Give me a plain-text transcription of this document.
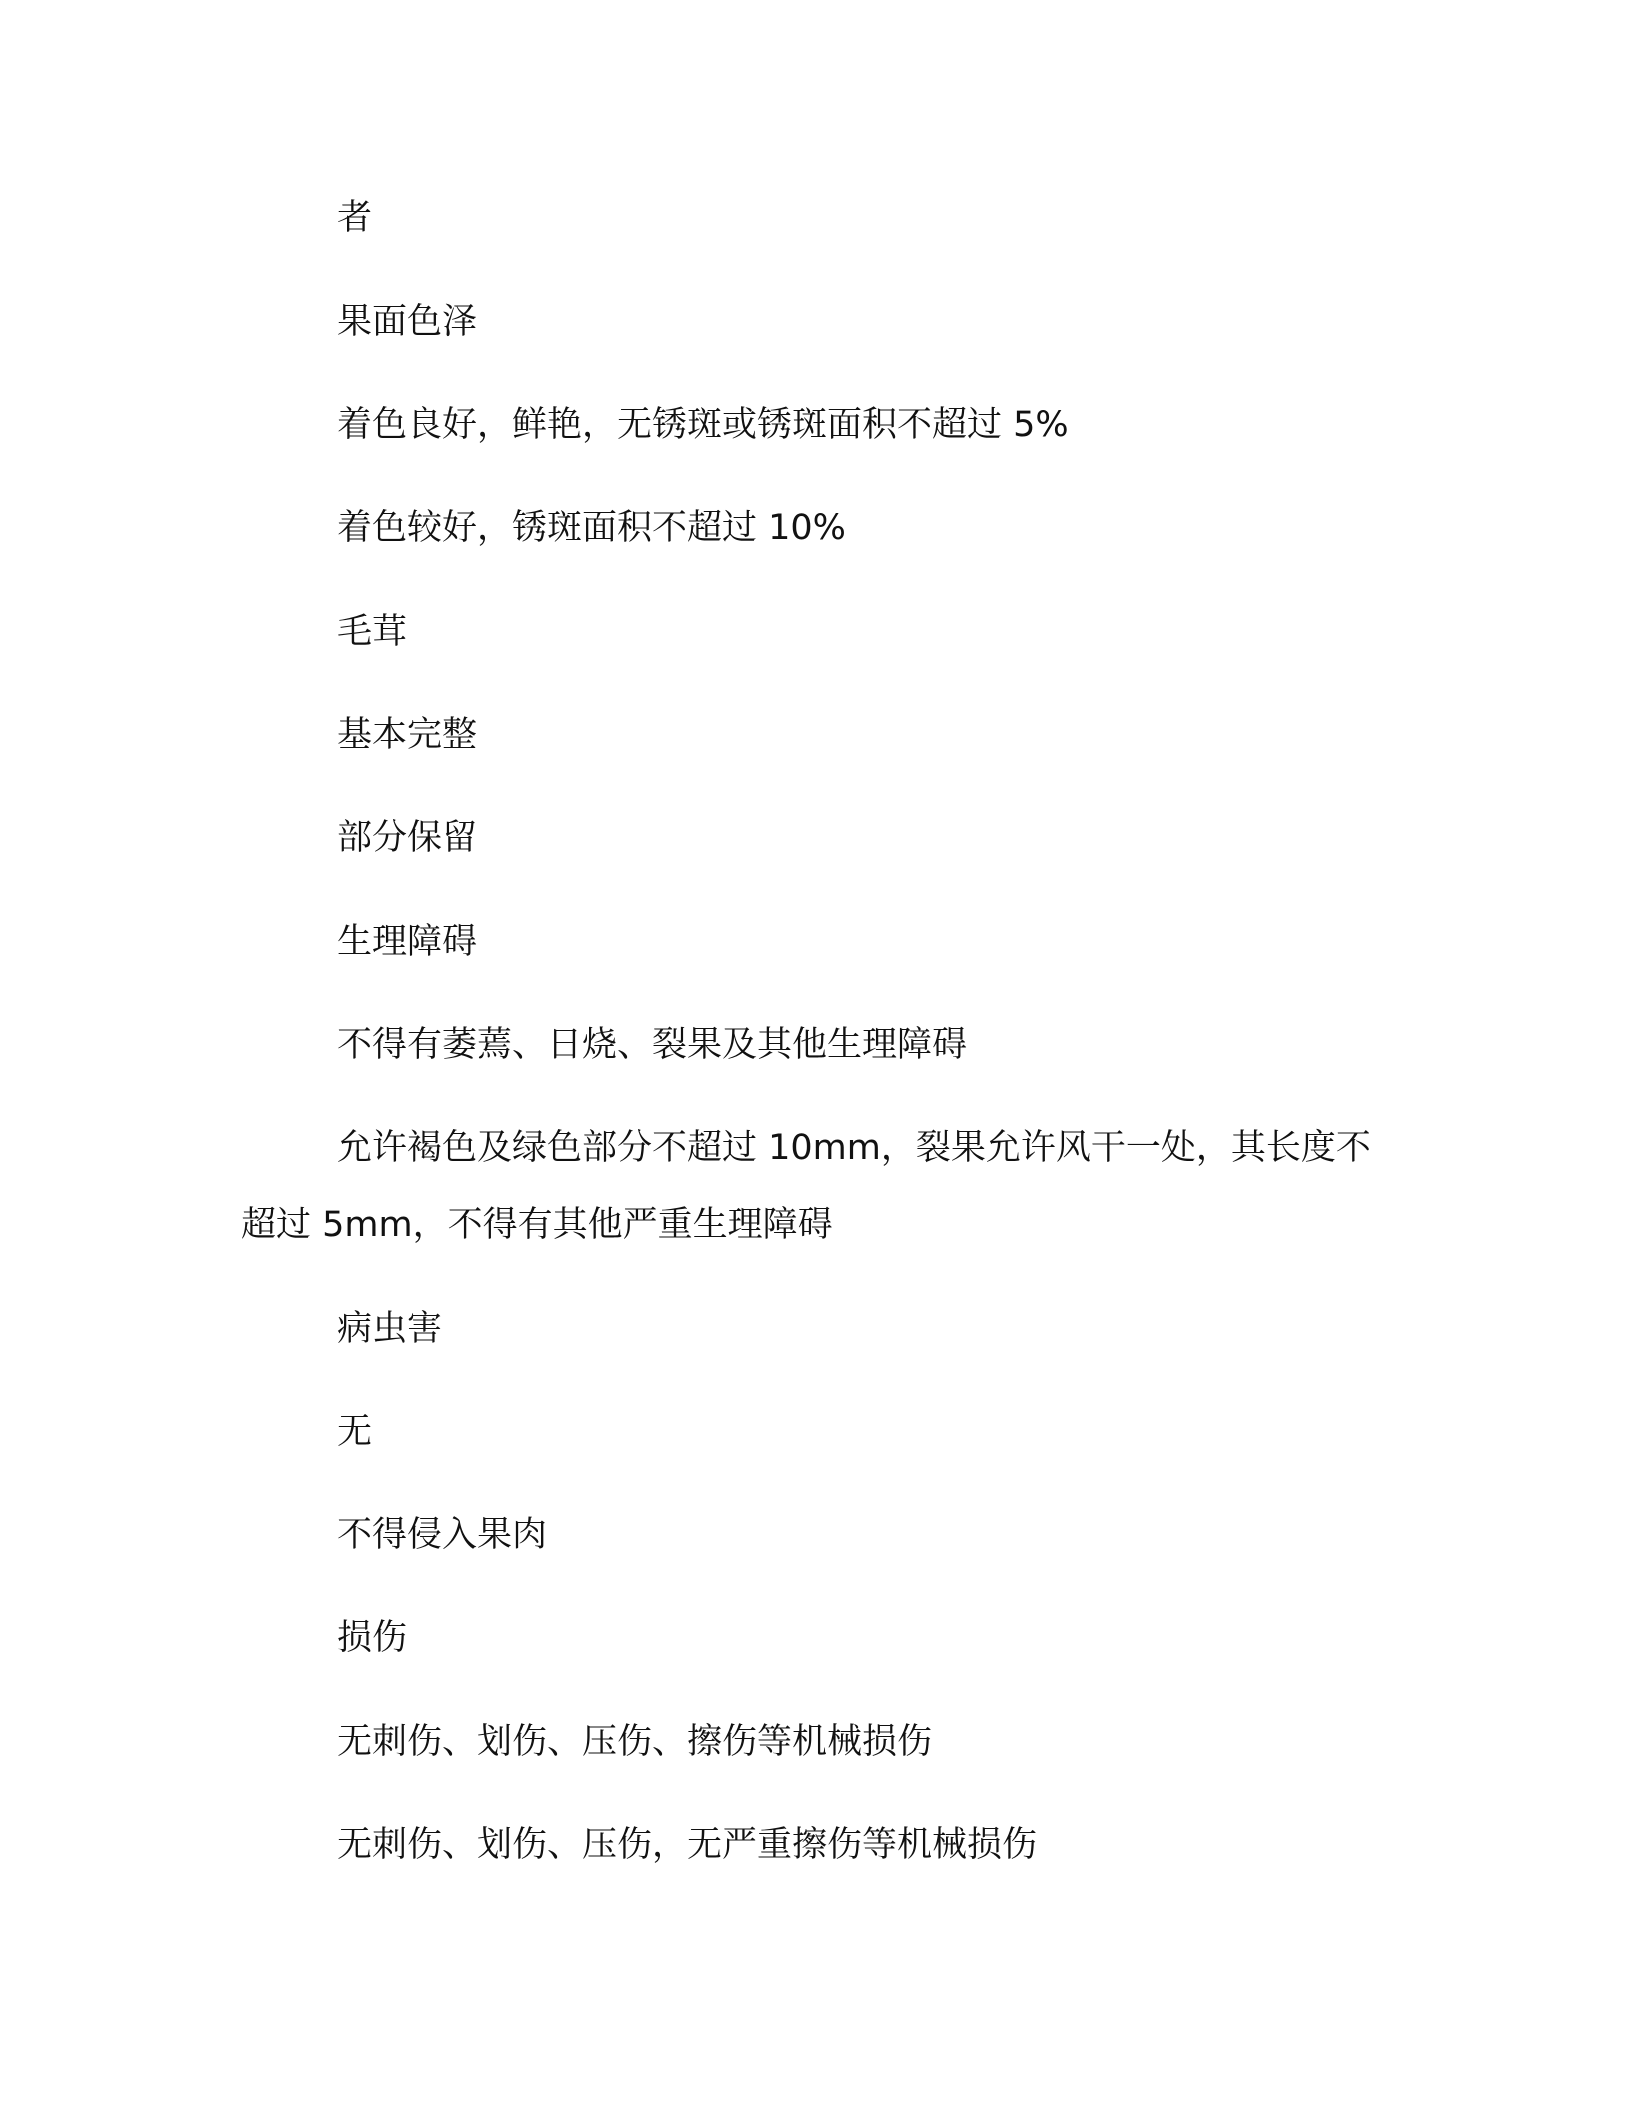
者

果面色泽

着色良好，鲜艳，无锈斑或锈斑面积不超过 5%

着色较好，锈斑面积不超过 10%

毛茸

基本完整

部分保留

生理障碍

不得有萎蔫、日烧、裂果及其他生理障碍

允许褐色及绿色部分不超过 10mm，裂果允许风干一处，其长度不超过 5mm，不得有其他严重生理障碍

病虫害

无

不得侵入果肉

损伤

无刺伤、划伤、压伤、擦伤等机械损伤

无刺伤、划伤、压伤，无严重擦伤等机械损伤
